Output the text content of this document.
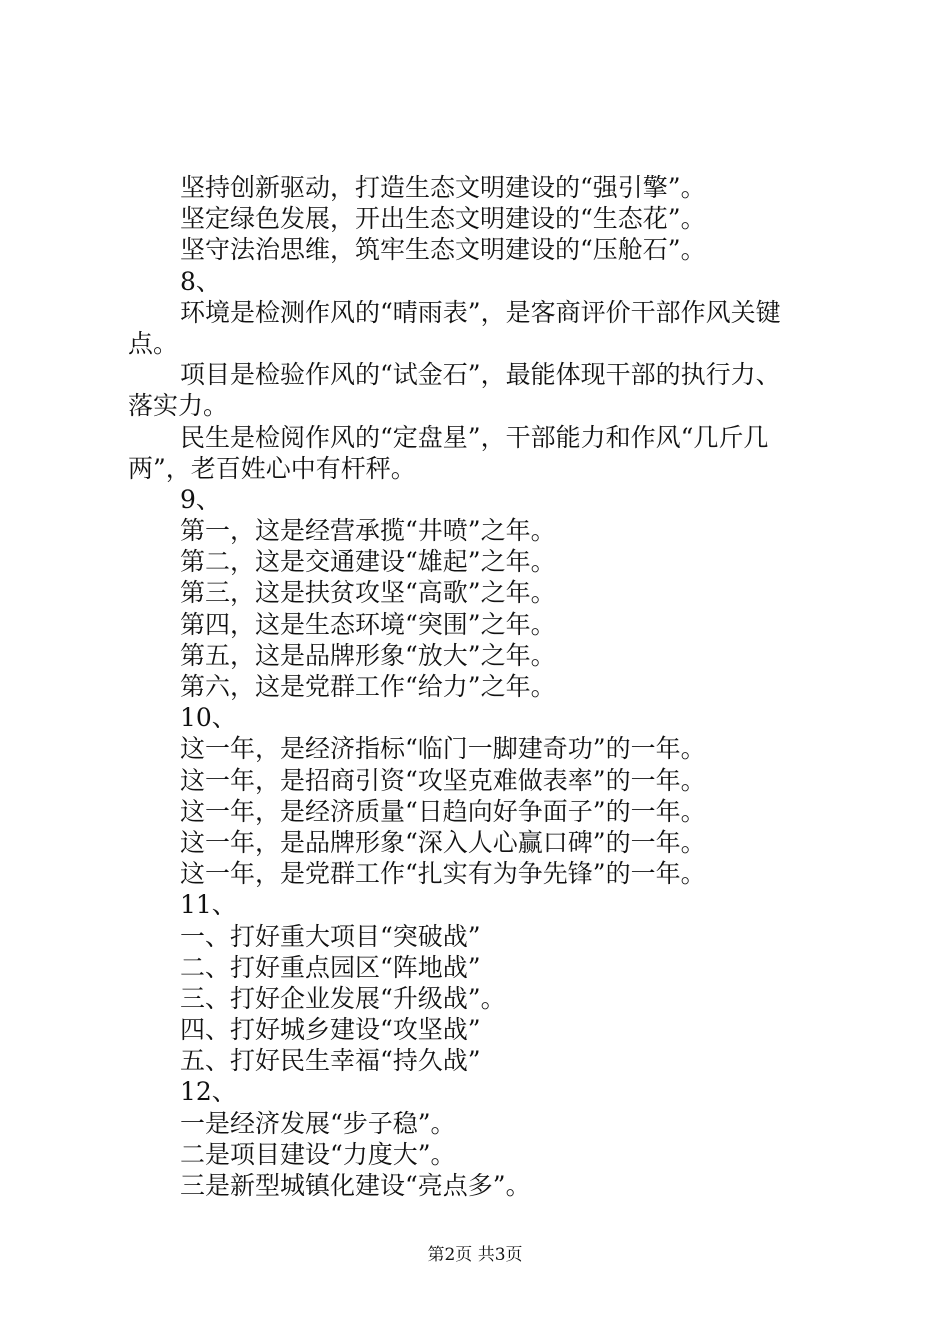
坚持创新驱动，打造生态文明建设的“强引擎”。
坚定绿色发展，开出生态文明建设的“生态花”。
坚守法治思维，筑牢生态文明建设的“压舱石”。
8、
环境是检测作风的“晴雨表”，是客商评价干部作风关键
点。
项目是检验作风的“试金石”，最能体现干部的执行力、
落实力。
民生是检阅作风的“定盘星”，干部能力和作风“几斤几
两”，老百姓心中有杆秤。
9、
第一，这是经营承揽“井喷”之年。
第二，这是交通建设“雄起”之年。
第三，这是扶贫攻坚“高歌”之年。
第四，这是生态环境“突围”之年。
第五，这是品牌形象“放大”之年。
第六，这是党群工作“给力”之年。
10、
这一年，是经济指标“临门一脚建奇功”的一年。
这一年，是招商引资“攻坚克难做表率”的一年。
这一年，是经济质量“日趋向好争面子”的一年。
这一年，是品牌形象“深入人心赢口碑”的一年。
这一年，是党群工作“扎实有为争先锋”的一年。
11、
一、打好重大项目“突破战”
二、打好重点园区“阵地战”
三、打好企业发展“升级战”。
四、打好城乡建设“攻坚战”
五、打好民生幸福“持久战”
12、
一是经济发展“步子稳”。
二是项目建设“力度大”。
三是新型城镇化建设“亮点多”。
第2页 共3页
